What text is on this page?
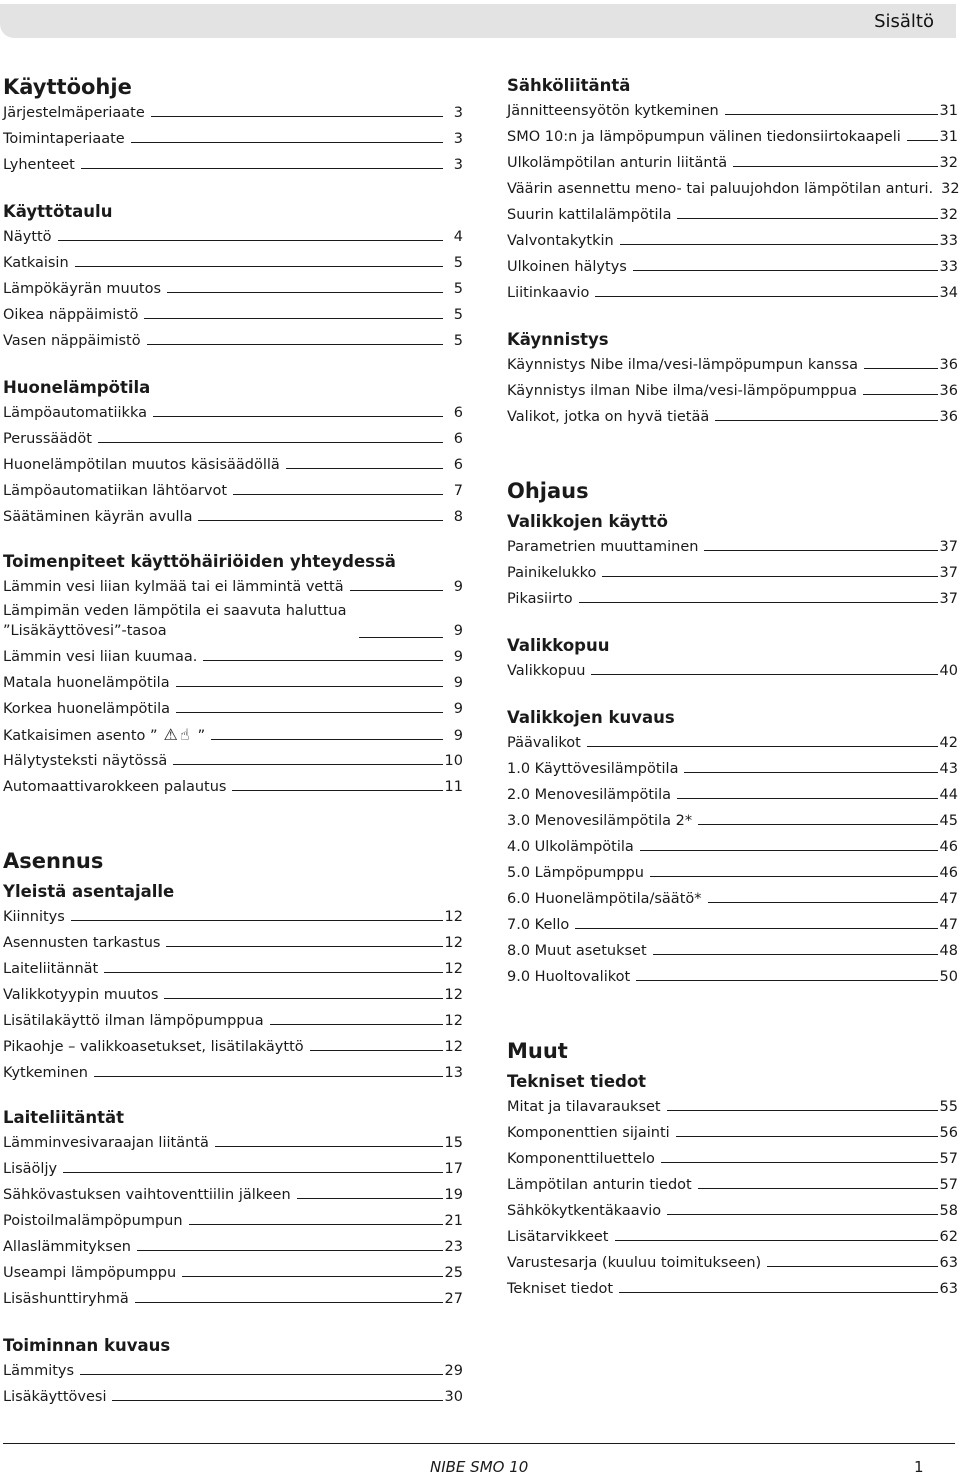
Sisältö
Käyttöohje
Järjestelmäperiaate	3
Toimintaperiaate	3
Lyhenteet	3
Käyttötaulu
Näyttö	4
Katkaisin	5
Lämpökäyrän muutos	5
Oikea näppäimistö	5
Vasen näppäimistö	5
Huonelämpötila
Lämpöautomatiikka	6
Perussäädöt	6
Huonelämpötilan muutos käsisäädöllä	6
Lämpöautomatiikan lähtöarvot	7
Säätäminen käyrän avulla	8
Toimenpiteet käyttöhäiriöiden yhteydessä
Lämmin vesi liian kylmää tai ei lämmintä vettä	9
Lämpimän veden lämpötila ei saavuta haluttua ”Lisäkäyttövesi”-tasoa	9
Lämmin vesi liian kuumaa.	9
Matala huonelämpötila	9
Korkea huonelämpötila	9
Katkaisimen asento ” ⚠☝ ”	9
Hälytysteksti näytössä	10
Automaattivarokkeen palautus	11
Asennus
Yleistä asentajalle
Kiinnitys	12
Asennusten tarkastus	12
Laiteliitännät	12
Valikkotyypin muutos	12
Lisätilakäyttö ilman lämpöpumppua	12
Pikaohje – valikkoasetukset, lisätilakäyttö	12
Kytkeminen	13
Laiteliitäntät
Lämminvesivaraajan liitäntä	15
Lisäöljy	17
Sähkövastuksen vaihtoventtiilin jälkeen	19
Poistoilmalämpöpumpun	21
Allaslämmityksen	23
Useampi lämpöpumppu	25
Lisäshunttiryhmä	27
Toiminnan kuvaus
Lämmitys	29
Lisäkäyttövesi	30
Sähköliitäntä
Jännitteensyötön kytkeminen	31
SMO 10:n ja lämpöpumpun välinen tiedonsiirtokaapeli	31
Ulkolämpötilan anturin liitäntä	32
Väärin asennettu meno- tai paluujohdon lämpötilan anturi. 32
Suurin kattilalämpötila	32
Valvontakytkin	33
Ulkoinen hälytys	33
Liitinkaavio	34
Käynnistys
Käynnistys Nibe ilma/vesi-lämpöpumpun kanssa	36
Käynnistys ilman Nibe ilma/vesi-lämpöpumppua	36
Valikot, jotka on hyvä tietää	36
Ohjaus
Valikkojen käyttö
Parametrien muuttaminen	37
Painikelukko	37
Pikasiirto	37
Valikkopuu
Valikkopuu	40
Valikkojen kuvaus
Päävalikot	42
1.0 Käyttövesilämpötila	43
2.0 Menovesilämpötila	44
3.0 Menovesilämpötila 2*	45
4.0 Ulkolämpötila	46
5.0 Lämpöpumppu	46
6.0 Huonelämpötila/säätö*	47
7.0 Kello	47
8.0 Muut asetukset	48
9.0 Huoltovalikot	50
Muut
Tekniset tiedot
Mitat ja tilavaraukset	55
Komponenttien sijainti	56
Komponenttiluettelo	57
Lämpötilan anturin tiedot	57
Sähkökytkentäkaavio	58
Lisätarvikkeet	62
Varustesarja (kuuluu toimitukseen)	63
Tekniset tiedot	63
NIBE SMO 10	1
